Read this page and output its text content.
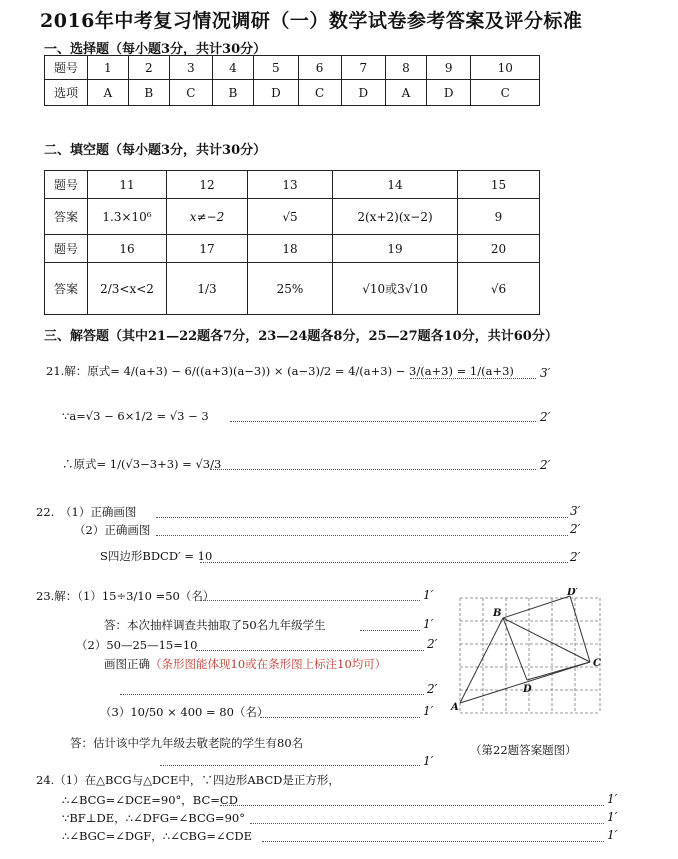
2016年中考复习情况调研（一）数学试卷参考答案及评分标准
一、选择题（每小题3分，共计30分）
题号	1	2	3	4	5	6	7	8	9	10
选项	A	B	C	B	D	C	D	A	D	C
二、填空题（每小题3分，共计30分）
题号	11	12	13	14	15
答案	1.3×10⁶	x≠−2	√5	2(x+2)(x−2)	9
题号	16	17	18	19	20
答案	2/3<x<2	1/3	25%	√10或3√10	√6
三、解答题（其中21—22题各7分，23—24题各8分，25—27题各10分，共计60分）
21.解：原式= 4/(a+3) − 6/((a+3)(a−3)) × (a−3)/2 = 4/(a+3) − 3/(a+3) = 1/(a+3) 3′
∵a=√3 − 6×1/2 = √3 − 3	2′
∴原式= 1/(√3−3+3) = √3/3	2′
22.　（1）正确画图	3′
（2）正确画图	2′
S四边形BDCD′ = 10	2′
23.解：（1）15÷3/10 =50（名）	1′
答：本次抽样调查共抽取了50名九年级学生	1′
（2）50—25—15=10	2′
画图正确（条形图能体现10或在条形图上标注10均可）
2′
（3）10/50 × 400 = 80（名）	1′
答：估计该中学九年级去敬老院的学生有80名
1′
B
D′
C
D
A
（第22题答案题图）
24.（1）在△BCG与△DCE中，∵四边形ABCD是正方形，
∴∠BCG=∠DCE=90°，BC=CD	1′
∵BF⊥DE，∴∠DFG=∠BCG=90°	1′
∴∠BGC=∠DGF，∴∠CBG=∠CDE	1′
